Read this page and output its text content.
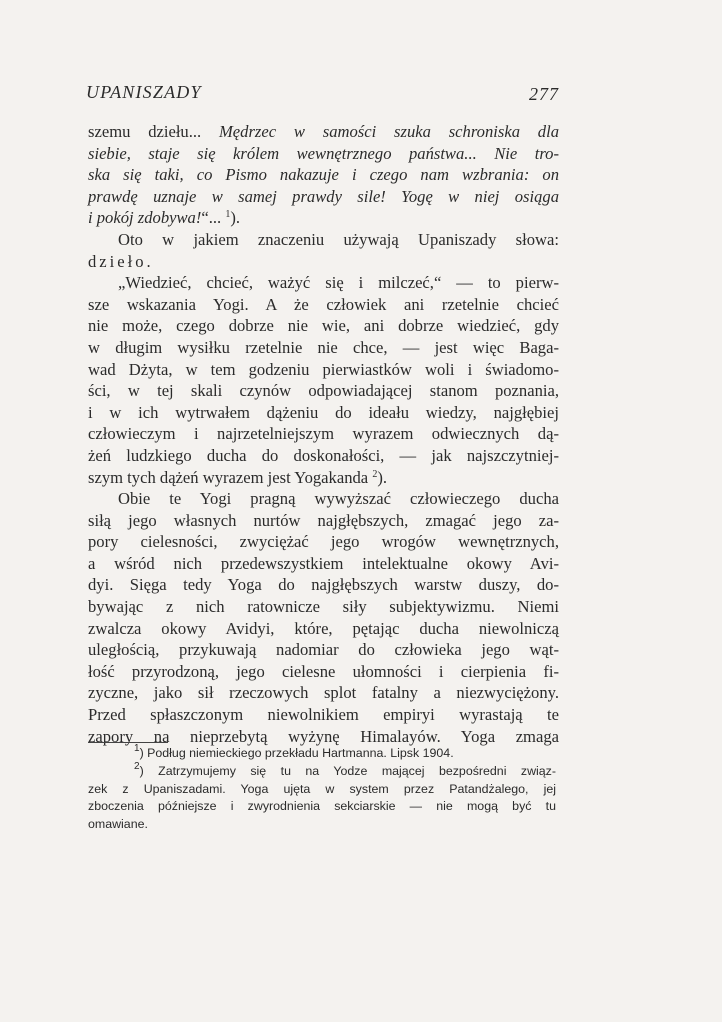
UPANISZADY	277
szemu dziełu... Mędrzec w samości szuka schroniska dla
siebie, staje się królem wewnętrznego państwa... Nie tro-
ska się taki, co Pismo nakazuje i czego nam wzbrania: on
prawdę uznaje w samej prawdy sile! Yogę w niej osiąga
i pokój zdobywa!“... $^1$).
Oto w jakiem znaczeniu używają Upaniszady słowa:
dzieło.
„Wiedzieć, chcieć, ważyć się i milczeć,“ — to pierw-
sze wskazania Yogi. A że człowiek ani rzetelnie chcieć
nie może, czego dobrze nie wie, ani dobrze wiedzieć, gdy
w długim wysiłku rzetelnie nie chce, — jest więc Baga-
wad Dżyta, w tem godzeniu pierwiastków woli i świadomo-
ści, w tej skali czynów odpowiadającej stanom poznania,
i w ich wytrwałem dążeniu do ideału wiedzy, najgłębiej
człowieczym i najrzetelniejszym wyrazem odwiecznych dą-
żeń ludzkiego ducha do doskonałości, — jak najszczytniej-
szym tych dążeń wyrazem jest Yogakanda $^2$).
Obie te Yogi pragną wywyższać człowieczego ducha
siłą jego własnych nurtów najgłębszych, zmagać jego za-
pory cielesności, zwyciężać jego wrogów wewnętrznych,
a wśród nich przedewszystkiem intelektualne okowy Avi-
dyi. Sięga tedy Yoga do najgłębszych warstw duszy, do-
bywając z nich ratownicze siły subjektywizmu. Niemi
zwalcza okowy Avidyi, które, pętając ducha niewolniczą
uległością, przykuwają nadomiar do człowieka jego wąt-
łość przyrodzoną, jego cielesne ułomności i cierpienia fi-
zyczne, jako sił rzeczowych splot fatalny a niezwyciężony.
Przed spłaszczonym niewolnikiem empiryi wyrastają te
zapory na nieprzebytą wyżynę Himalayów. Yoga zmaga
$^1$) Podług niemieckiego przekładu Hartmanna. Lipsk 1904.
$^2$) Zatrzymujemy się tu na Yodze mającej bezpośredni związ-
zek z Upaniszadami. Yoga ujęta w system przez Patandżalego, jej
zboczenia późniejsze i zwyrodnienia sekciarskie — nie mogą być tu
omawiane.
